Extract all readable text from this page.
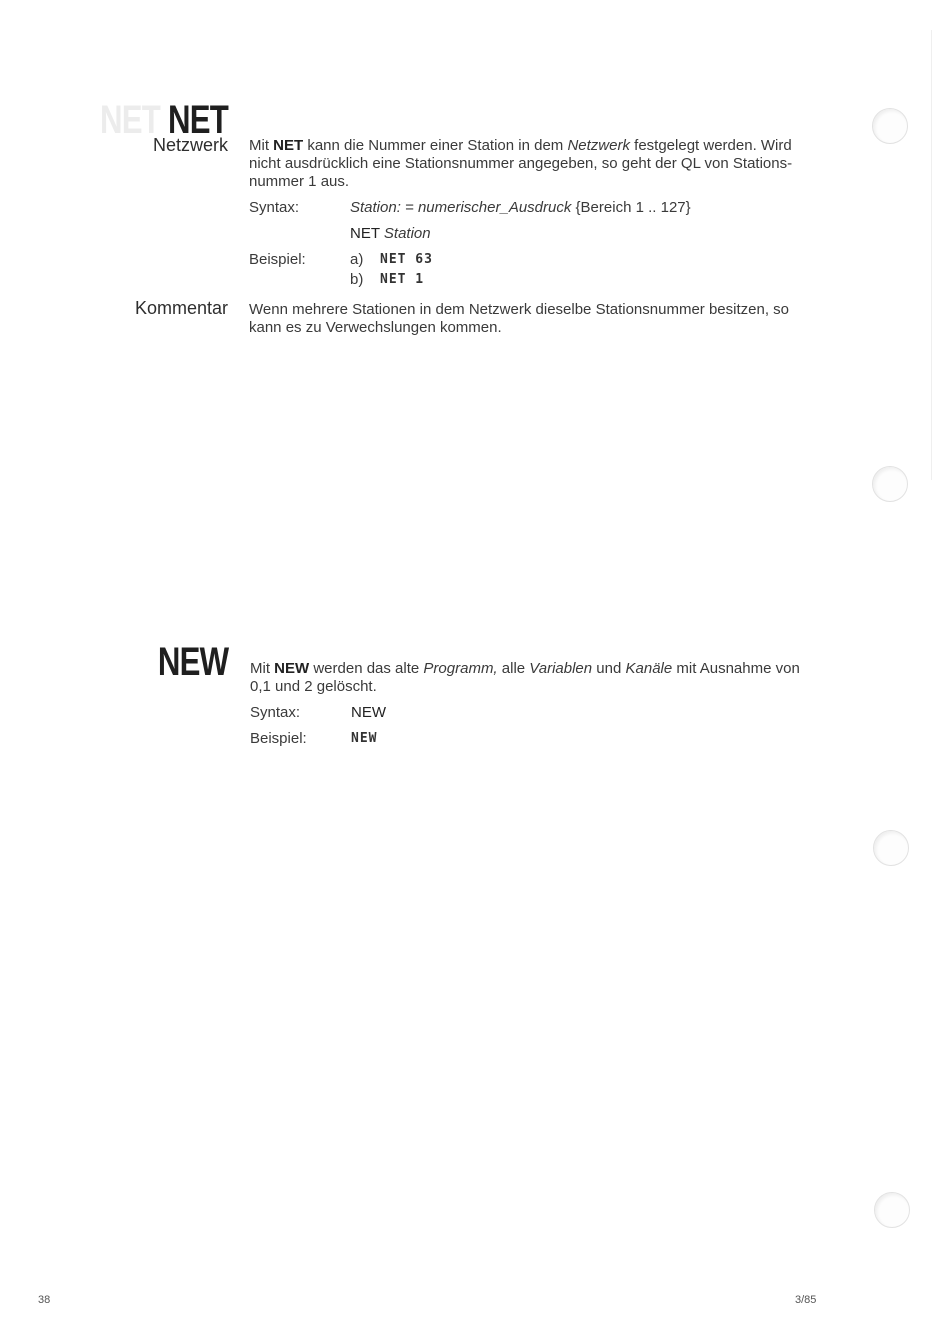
NET NET
Netzwerk Mit NET kann die Nummer einer Station in dem Netzwerk festgelegt werden. Wird nicht ausdrücklich eine Stationsnummer angegeben, so geht der QL von Stations-nummer 1 aus.
Syntax:	Station: = numerischer_Ausdruck {Bereich 1 .. 127}
NET Station
Beispiel:	a) NET 63
b) NET 1
Kommentar Wenn mehrere Stationen in dem Netzwerk dieselbe Stationsnummer besitzen, so kann es zu Verwechslungen kommen.
NEW Mit NEW werden das alte Programm, alle Variablen und Kanäle mit Ausnahme von 0,1 und 2 gelöscht.
Syntax:	NEW
Beispiel:	NEW
38	3/85
